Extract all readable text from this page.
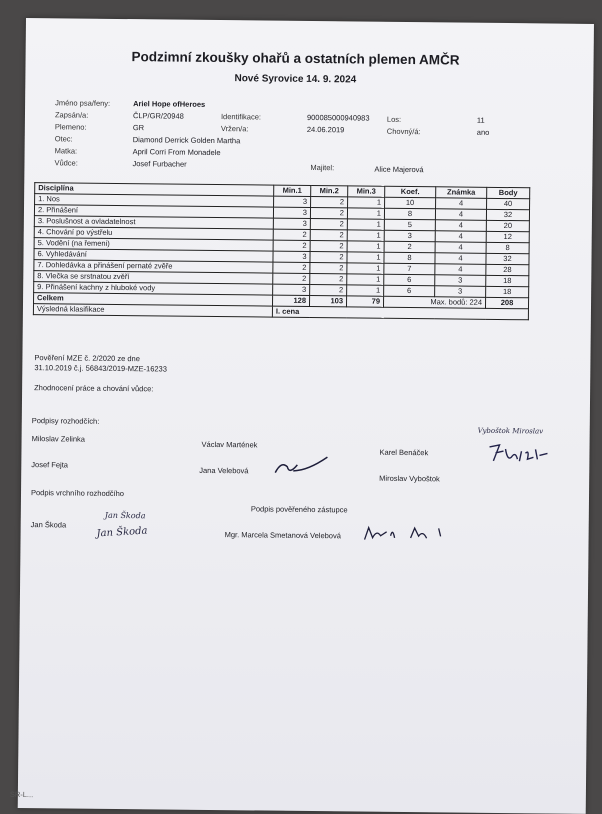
Podzimní zkoušky ohařů a ostatních plemen AMČR
Nové Syrovice 14. 9. 2024
Jméno psa/feny:	Ariel Hope ofHeroes
Zapsán/a:	ČLP/GR/20948	Identifikace:	900085000940983 Los:	11
Plemeno:	GR	Vržen/a:	24.06.2019	Chovný/á:	ano
Otec:	Diamond Derrick Golden Martha
Matka:	April Corri From Monadele
Vůdce:	Josef Furbacher	Majitel:	Alice Majerová
Disciplína	Min.1	Min.2	Min.3	Koef.	Známka	Body
1. Nos	3	2	1	10	4	40
2. Přinášení	3	2	1	8	4	32
3. Poslušnost a ovladatelnost	3	2	1	5	4	20
4. Chování po výstřelu	2	2	1	3	4	12
5. Vodění (na řemeni)	2	2	1	2	4	8
6. Vyhledávání	3	2	1	8	4	32
7. Dohledávka a přinášení pernaté zvěře	2	2	1	7	4	28
8. Vlečka se srstnatou zvěří	2	2	1	6	3	18
9. Přinášení kachny z hluboké vody	3	2	1	6	3	18
Celkem	128	103	79	Max. bodů: 224		208
Výsledná klasifikace	I. cena					
Pověření MZE č. 2/2020 ze dne
31.10.2019 č.j. 56843/2019-MZE-16233
Zhodnocení práce a chování vůdce:
Podpisy rozhodčích:
Miloslav Zelinka
Václav Martének
Karel Benáček
Josef Fejta
Jana Velebová
Miroslav Vyboštok
Vyboštok Miroslav
Podpis vrchního rozhodčího
Jan Škoda
Jan Škoda
Jan Škoda
Podpis pověřeného zástupce
Mgr. Marcela Smetanová Velebová
SR-L...
